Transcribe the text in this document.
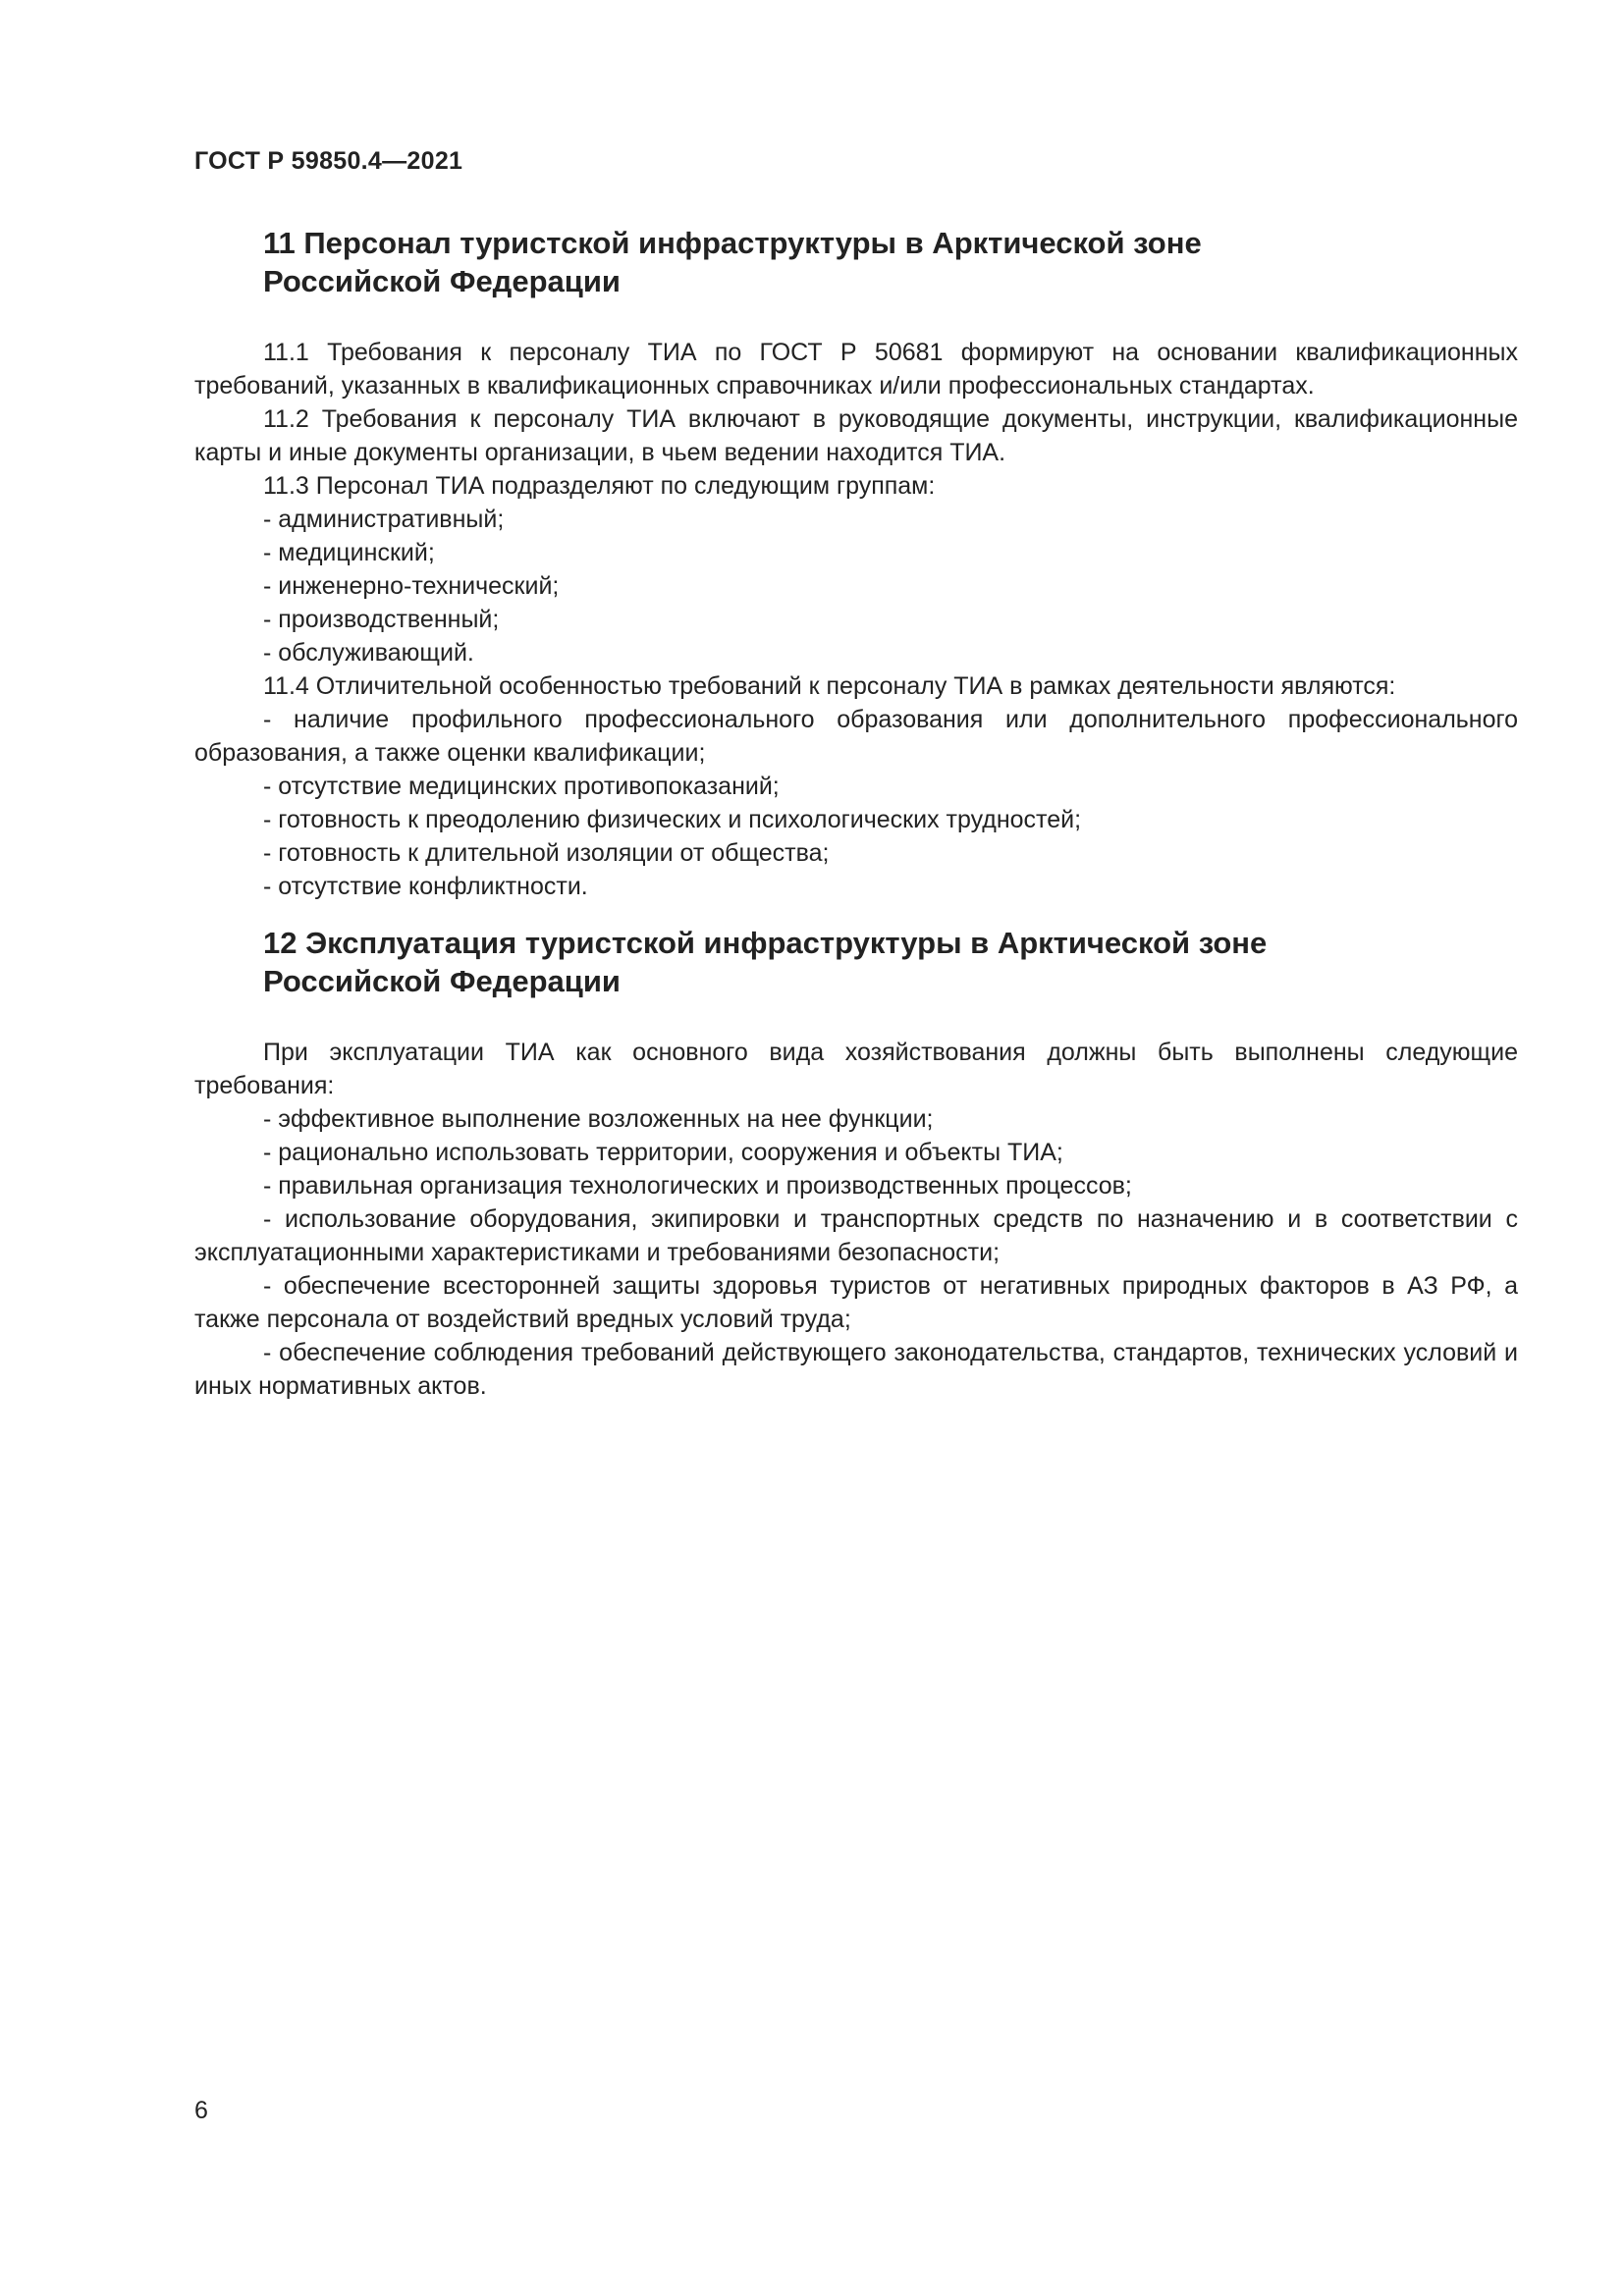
ГОСТ Р 59850.4—2021
11 Персонал туристской инфраструктуры в Арктической зоне
Российской Федерации

11.1 Требования к персоналу ТИА по ГОСТ Р 50681 формируют на основании квалификационных требований, указанных в квалификационных справочниках и/или профессиональных стандартах.

11.2 Требования к персоналу ТИА включают в руководящие документы, инструкции, квалификационные карты и иные документы организации, в чьем ведении находится ТИА.

11.3 Персонал ТИА подразделяют по следующим группам:

- административный;

- медицинский;

- инженерно-технический;

- производственный;

- обслуживающий.

11.4 Отличительной особенностью требований к персоналу ТИА в рамках деятельности являются:

- наличие профильного профессионального образования или дополнительного профессионального образования, а также оценки квалификации;

- отсутствие медицинских противопоказаний;

- готовность к преодолению физических и психологических трудностей;

- готовность к длительной изоляции от общества;

- отсутствие конфликтности.

12 Эксплуатация туристской инфраструктуры в Арктической зоне
Российской Федерации

При эксплуатации ТИА как основного вида хозяйствования должны быть выполнены следующие требования:

- эффективное выполнение возложенных на нее функции;

- рационально использовать территории, сооружения и объекты ТИА;

- правильная организация технологических и производственных процессов;

- использование оборудования, экипировки и транспортных средств по назначению и в соответствии с эксплуатационными характеристиками и требованиями безопасности;

- обеспечение всесторонней защиты здоровья туристов от негативных природных факторов в АЗ РФ, а также персонала от воздействий вредных условий труда;

- обеспечение соблюдения требований действующего законодательства, стандартов, технических условий и иных нормативных актов.

6
